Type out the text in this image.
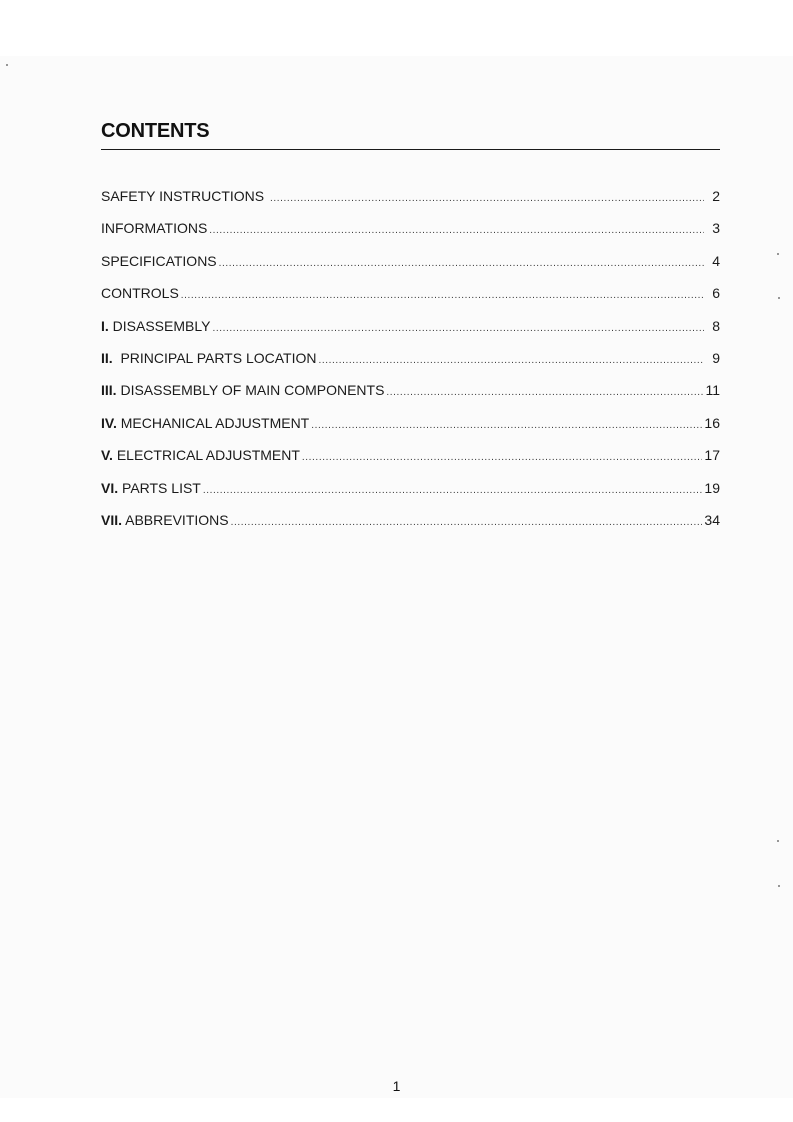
CONTENTS
SAFETY INSTRUCTIONS .....	2
INFORMATIONS .....	3
SPECIFICATIONS .....	4
CONTROLS .....	6
I. DISASSEMBLY .....	8
II. PRINCIPAL PARTS LOCATION .....	9
III. DISASSEMBLY OF MAIN COMPONENTS .....	11
IV. MECHANICAL ADJUSTMENT .....	16
V. ELECTRICAL ADJUSTMENT .....	17
VI. PARTS LIST .....	19
VII. ABBREVITIONS .....	34
1
